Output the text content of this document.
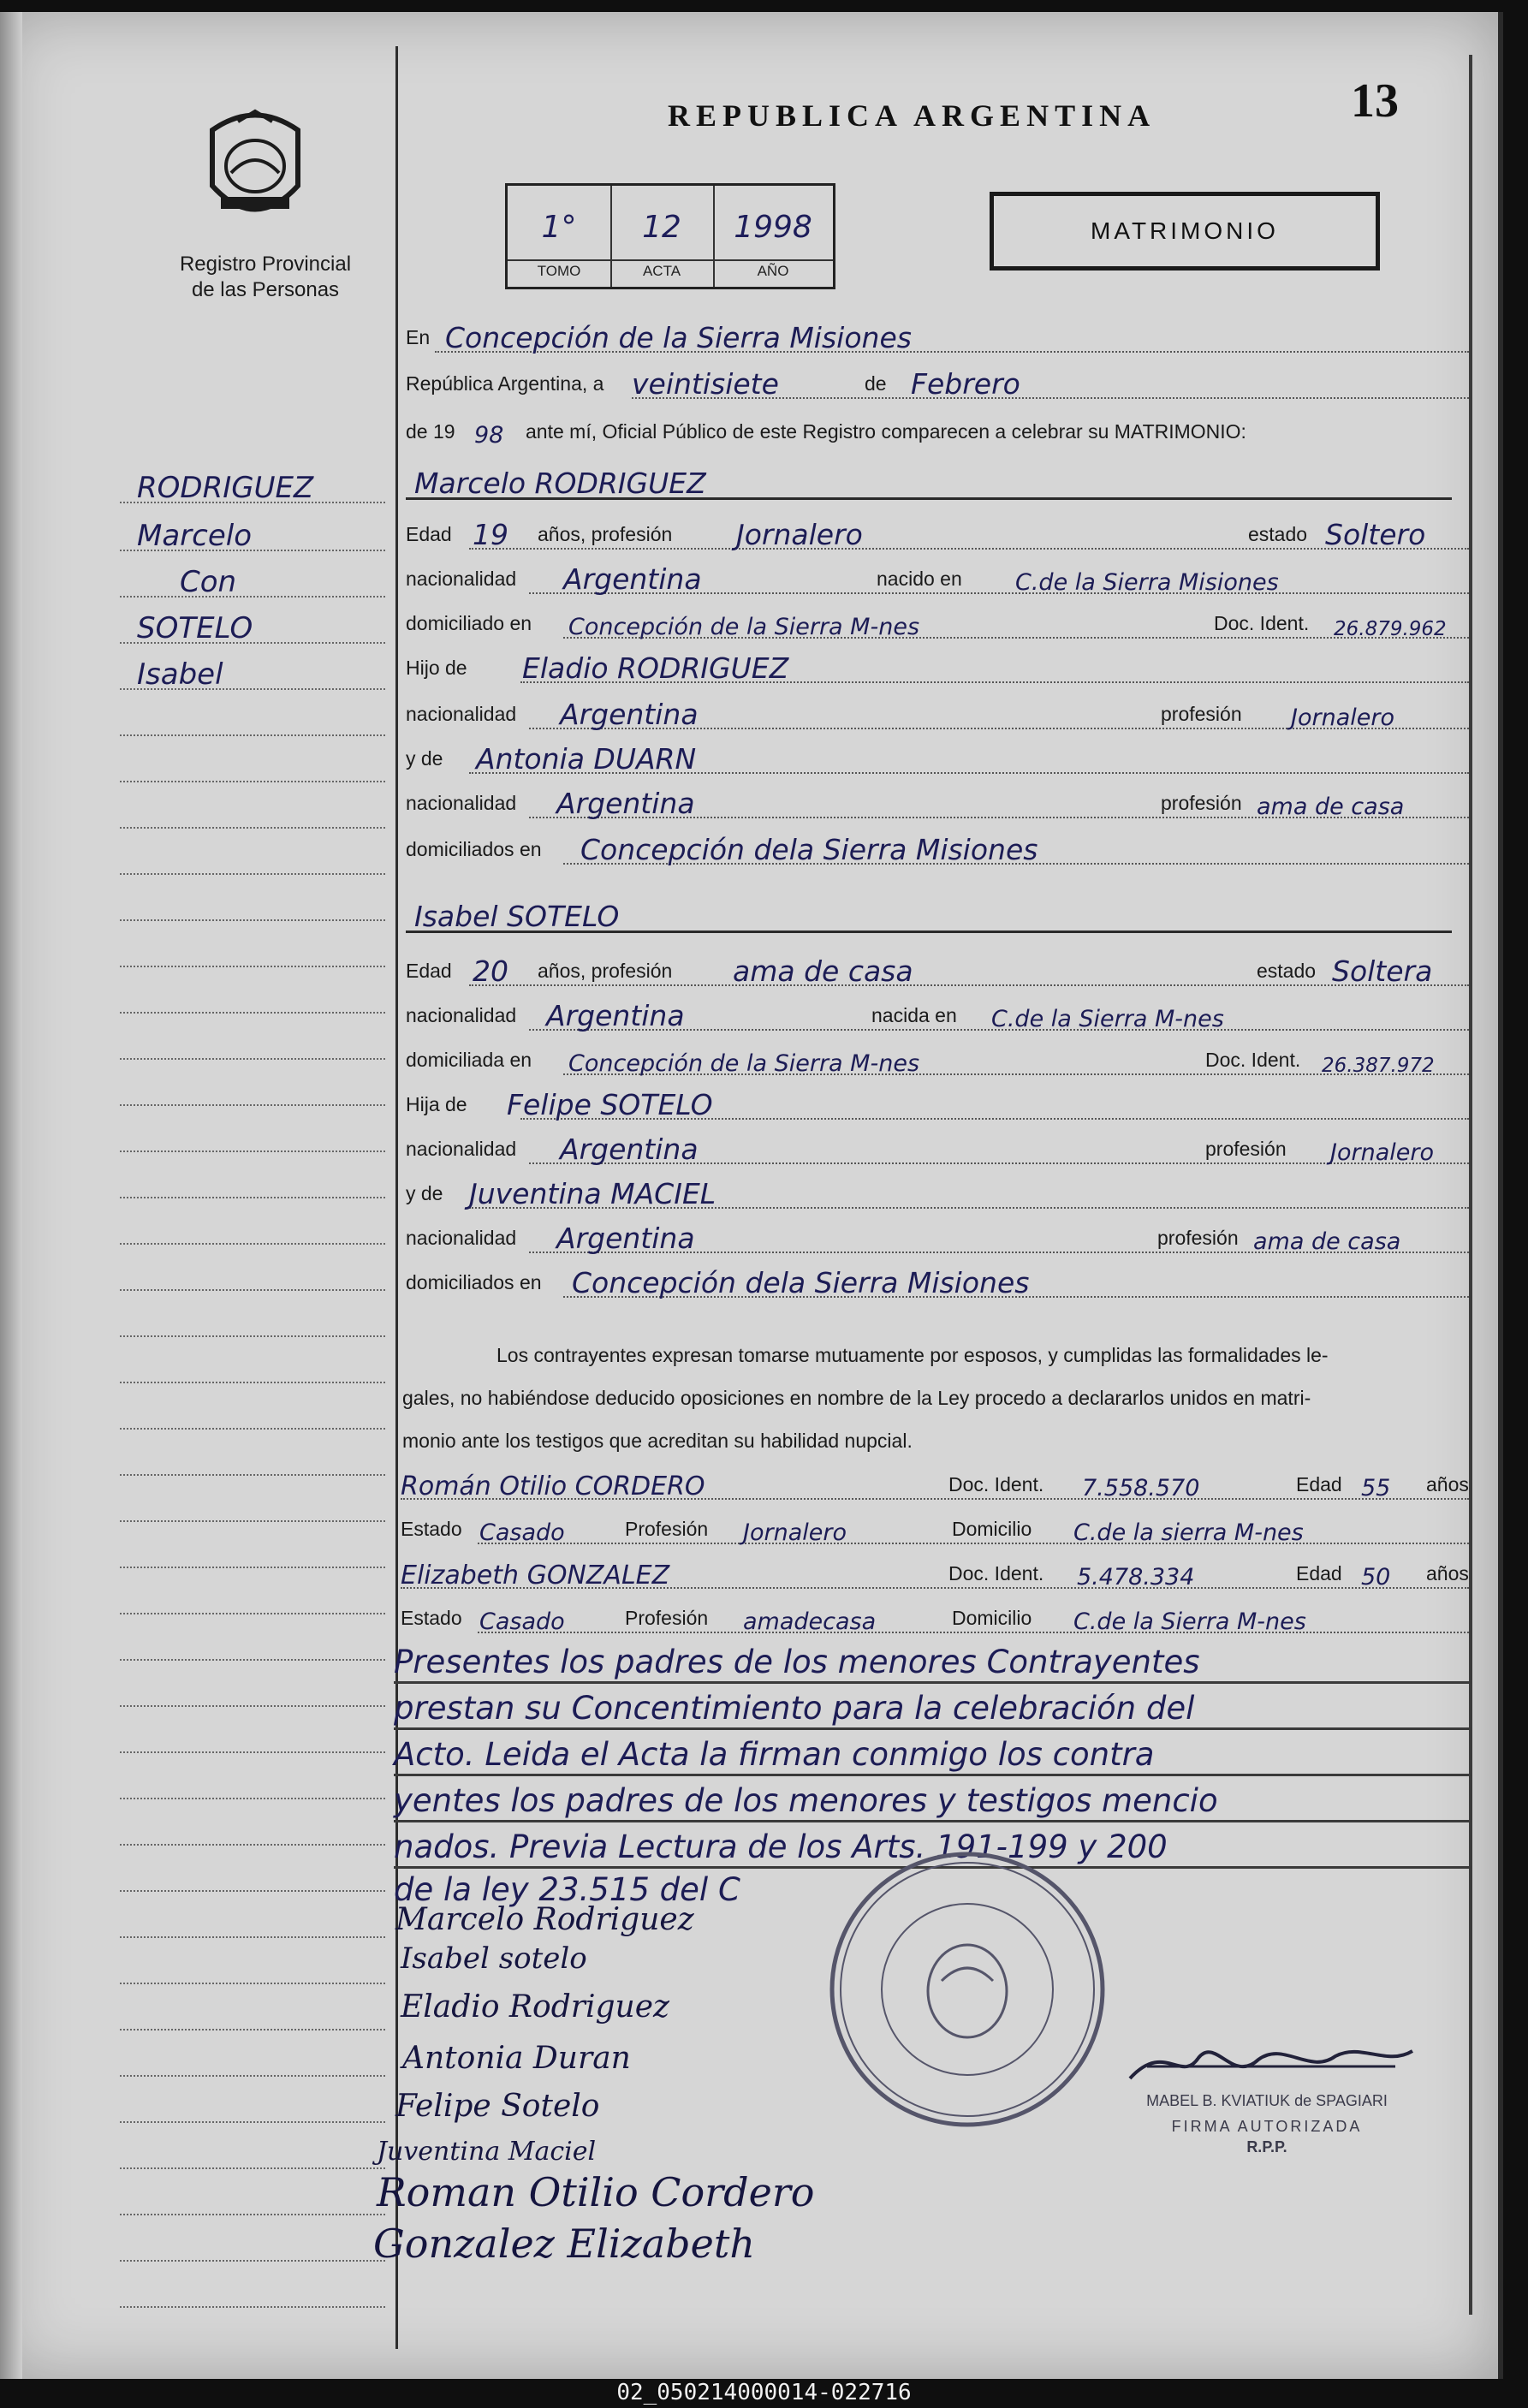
Registro Provincial
de las Personas
13
REPUBLICA ARGENTINA
1°
TOMO
12
ACTA
1998
AÑO
MATRIMONIO
RODRIGUEZ
Marcelo
Con
SOTELO
Isabel
En Concepción de la Sierra Misiones
República Argentina, a veintisiete	de Febrero
de 19 98 ante mí, Oficial Público de este Registro comparecen a celebrar su MATRIMONIO:
Marcelo RODRIGUEZ
Edad 19 años, profesión Jornalero	estado Soltero
nacionalidad Argentina	nacido en C.de la Sierra Misiones
domiciliado en Concepción de la Sierra M-nes	Doc. Ident. 26.879.962
Hijo de Eladio RODRIGUEZ
nacionalidad Argentina	profesión Jornalero
y de Antonia DUARN
nacionalidad Argentina	profesión ama de casa
domiciliados en Concepción dela Sierra Misiones
Isabel SOTELO
Edad 20 años, profesión ama de casa	estado Soltera
nacionalidad Argentina	nacida en C.de la Sierra M-nes
domiciliada en Concepción de la Sierra M-nes	Doc. Ident. 26.387.972
Hija de Felipe SOTELO
nacionalidad Argentina	profesión Jornalero
y de Juventina MACIEL
nacionalidad Argentina	profesión ama de casa
domiciliados en Concepción dela Sierra Misiones
Los contrayentes expresan tomarse mutuamente por esposos, y cumplidas las formalidades le-
gales, no habiéndose deducido oposiciones en nombre de la Ley procedo a declararlos unidos en matri-
monio ante los testigos que acreditan su habilidad nupcial.
Román Otilio CORDERO	Doc. Ident. 7.558.570	Edad 55 años
Estado Casado	Profesión Jornalero	Domicilio C.de la sierra M-nes
Elizabeth GONZALEZ	Doc. Ident. 5.478.334	Edad 50 años
Estado Casado	Profesión amadecasa	Domicilio C.de la Sierra M-nes
Presentes los padres de los menores Contrayentes
prestan su Concentimiento para la celebración del
Acto. Leida el Acta la firman conmigo los contra
yentes los padres de los menores y testigos mencio
nados. Previa Lectura de los Arts. 191-199 y 200
de la ley 23.515 del C
Marcelo Rodriguez
Isabel sotelo
Eladio Rodriguez
Antonia Duran
Felipe Sotelo
Juventina Maciel
Roman Otilio Cordero
Gonzalez Elizabeth
MABEL B. KVIATIUK de SPAGIARI
FIRMA AUTORIZADA
R.P.P.
02_050214000014-022716
